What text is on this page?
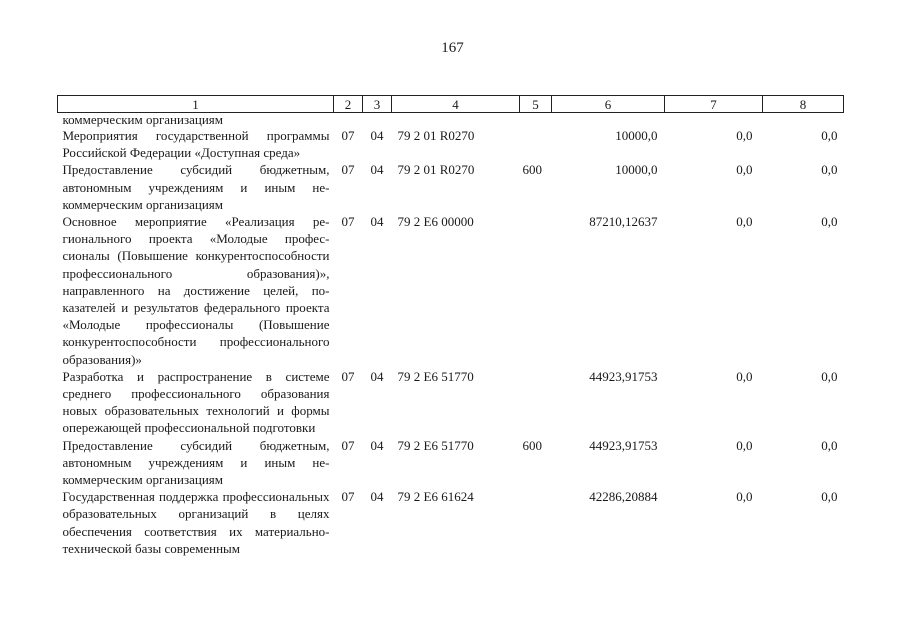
167
1	2	3	4	5	6	7	8
коммерческим организациям							
Мероприятия государственной программы Российской Федерации «Доступная среда»	07	04	79 2 01 R0270		10000,0	0,0	0,0
Предоставление субсидий бюджетным, автономным учреждениям и иным некоммерческим организациям	07	04	79 2 01 R0270	600	10000,0	0,0	0,0
Основное мероприятие «Реализация регионального проекта «Молодые профессионалы (Повышение конкурентоспособности профессионального образования)», направленного на достижение целей, показателей и результатов федерального проекта «Молодые профессионалы (Повышение конкурентоспособности профессионального образования)»	07	04	79 2 Е6 00000		87210,12637	0,0	0,0
Разработка и распространение в системе среднего профессионального образования новых образовательных технологий и формы опережающей профессиональной подготовки	07	04	79 2 Е6 51770		44923,91753	0,0	0,0
Предоставление субсидий бюджетным, автономным учреждениям и иным некоммерческим организациям	07	04	79 2 Е6 51770	600	44923,91753	0,0	0,0
Государственная поддержка профессиональных образовательных организаций в целях обеспечения соответствия их материально-технической базы современным	07	04	79 2 Е6 61624		42286,20884	0,0	0,0
